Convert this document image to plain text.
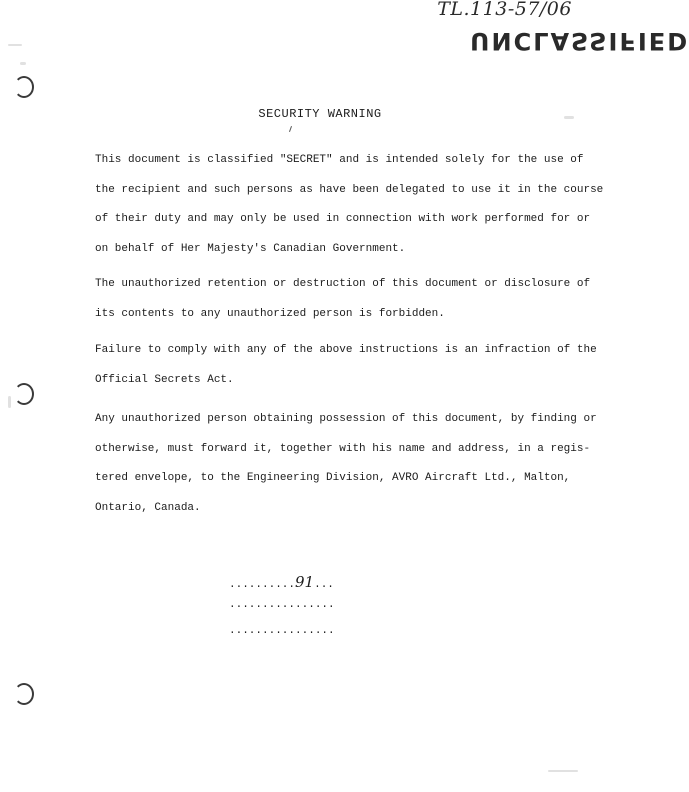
TL.113-57/06
UNCLASSIFIED
SECURITY WARNING
This document is classified "SECRET" and is intended solely for the use of
the recipient and such persons as have been delegated to use it in the course
of their duty and may only be used in connection with work performed for or
on behalf of Her Majesty's Canadian Government.
The unauthorized retention or destruction of this document or disclosure of
its contents to any unauthorized person is forbidden.
Failure to comply with any of the above instructions is an infraction of the
Official Secrets Act.
Any unauthorized person obtaining possession of this document, by finding or
otherwise, must forward it, together with his name and address, in a regis-
tered envelope, to the Engineering Division, AVRO Aircraft Ltd., Malton,
Ontario, Canada.
..........91...
................
................
